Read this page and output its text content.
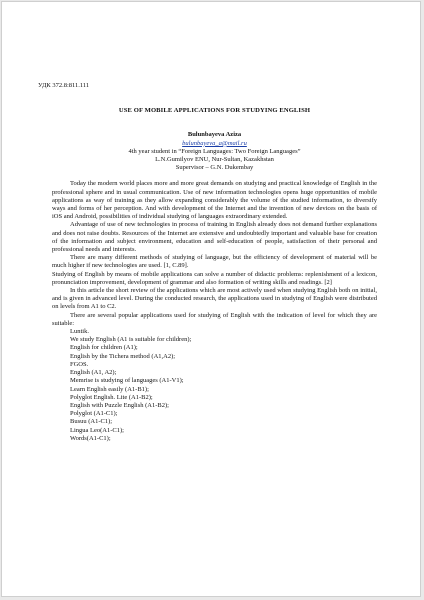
УДК 372.8:811.111
USE OF MOBILE APPLICATIONS FOR STUDYING ENGLISH
Bulunbayeva Aziza
bulunbayeva_a@mail.ru
4th year student in “Foreign Languages: Two Foreign Languages”
L.N.Gumilyov ENU, Nur-Sultan, Kazakhstan
Supervisor – G.N. Dukembay

Today the modern world places more and more great demands on studying and practical knowledge of English in the professional sphere and in usual communication. Use of new information technologies opens huge opportunities of mobile applications as way of training as they allow expanding considerably the volume of the studied information, to diversify ways and forms of her perception. And with development of the Internet and the invention of new devices on the basis of iOS and Android, possibilities of individual studying of languages extraordinary extended.

Advantage of use of new technologies in process of training in English already does not demand further explanations and does not raise doubts. Resources of the Internet are extensive and undoubtedly important and valuable base for creation of the information and subject environment, education and self-education of people, satisfaction of their personal and professional needs and interests.

There are many different methods of studying of language, but the efficiency of development of material will be much higher if new technologies are used. [1, C.89].

Studying of English by means of mobile applications can solve a number of didactic problems: replenishment of a lexicon, pronunciation improvement, development of grammar and also formation of writing skills and readings. [2]

In this article the short review of the applications which are most actively used when studying English both on initial, and is given in advanced level. During the conducted research, the applications used in studying of English were distributed on levels from A1 to C2.

There are several popular applications used for studying of English with the indication of level for which they are suitable:

Luntik.
We study English (A1 is suitable for children);
English for children (A1);
English by the Tichera method (A1,A2);
FGOS.
English (A1, A2);
Memrise is studying of languages (A1-V1);
Learn English easily (A1-B1);
Polyglot English. Lite (A1-B2);
English with Puzzle English (A1-B2);
Polyglot (A1-C1);
Busuu (A1-C1);
Lingua Leo(A1-C1);
Words(A1-C1);
